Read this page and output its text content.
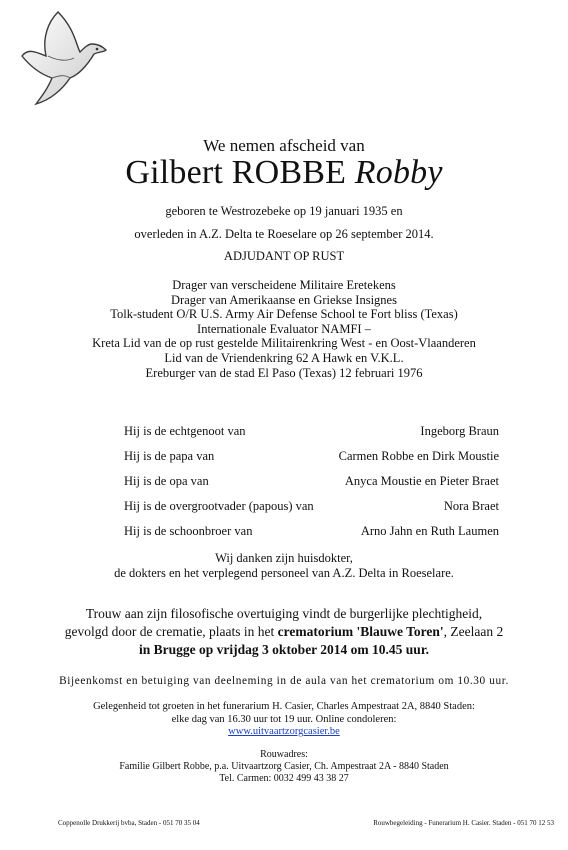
We nemen afscheid van
Gilbert ROBBE Robby
geboren te Westrozebeke op 19 januari 1935 en
overleden in A.Z. Delta te Roeselare op 26 september 2014.
ADJUDANT OP RUST
Drager van verscheidene Militaire Eretekens
Drager van Amerikaanse en Griekse Insignes
Tolk-student O/R U.S. Army Air Defense School te Fort bliss (Texas)
Internationale Evaluator NAMFI –
Kreta Lid van de op rust gestelde Militairenkring West - en Oost-Vlaanderen
Lid van de Vriendenkring 62 A Hawk en V.K.L.
Ereburger van de stad El Paso (Texas) 12 februari 1976
Hij is de echtgenoot van	Ingeborg Braun
Hij is de papa van	Carmen Robbe en Dirk Moustie
Hij is de opa van	Anyca Moustie en Pieter Braet
Hij is de overgrootvader (papous) van	Nora Braet
Hij is de schoonbroer van	Arno Jahn en Ruth Laumen
Wij danken zijn huisdokter,
de dokters en het verplegend personeel van A.Z. Delta in Roeselare.
Trouw aan zijn filosofische overtuiging vindt de burgerlijke plechtigheid,
gevolgd door de crematie, plaats in het crematorium 'Blauwe Toren', Zeelaan 2
in Brugge op vrijdag 3 oktober 2014 om 10.45 uur.
Bijeenkomst en betuiging van deelneming in de aula van het crematorium om 10.30 uur.
Gelegenheid tot groeten in het funerarium H. Casier, Charles Ampestraat 2A, 8840 Staden:
elke dag van 16.30 uur tot 19 uur. Online condoleren:
www.uitvaartzorgcasier.be
Rouwadres:
Familie Gilbert Robbe, p.a. Uitvaartzorg Casier, Ch. Ampestraat 2A - 8840 Staden
Tel. Carmen: 0032 499 43 38 27
Coppenolle Drukkerij bvba, Staden - 051 70 35 04	Rouwbegeleiding - Funerarium H. Casier. Staden - 051 70 12 53
